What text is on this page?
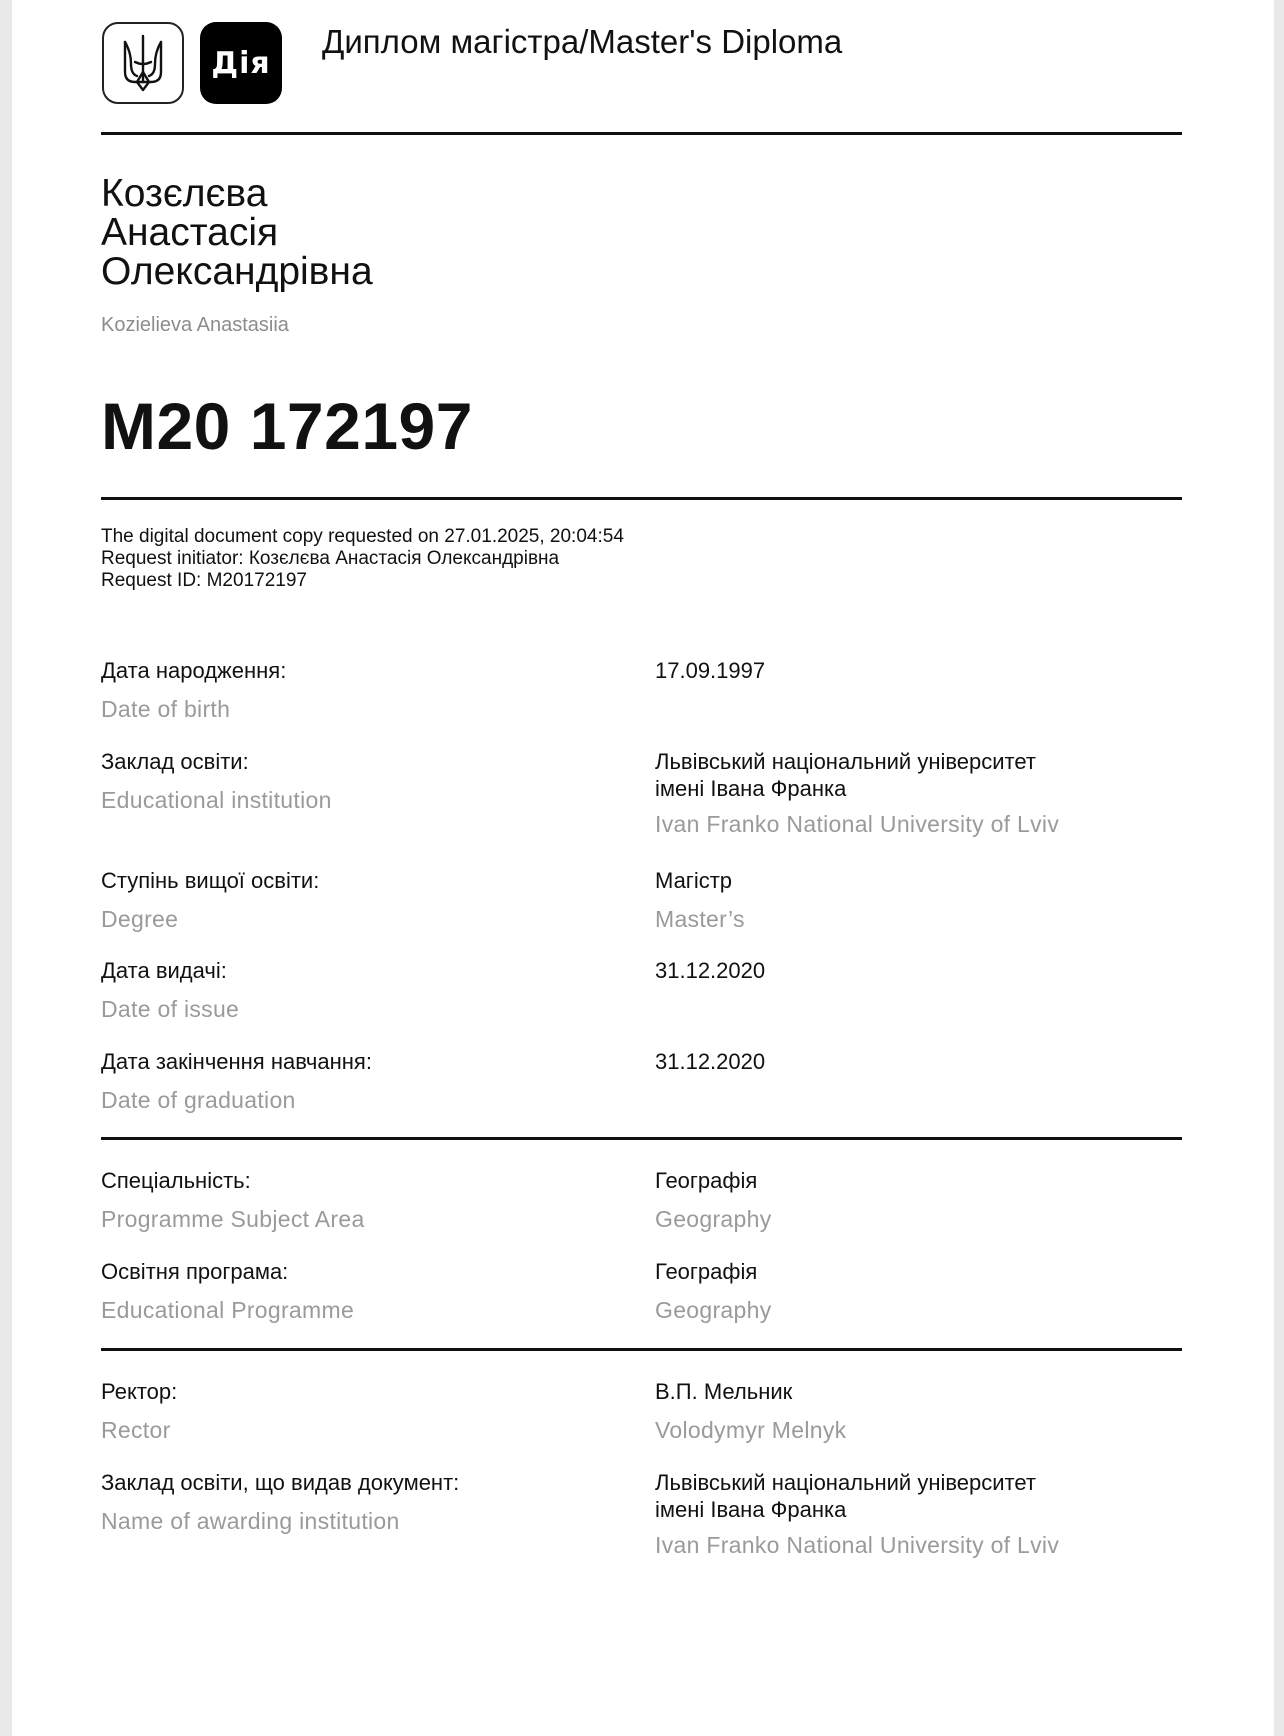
Дія
Диплом магістра/Master's Diploma
Козєлєва
Анастасія
Олександрівна
Kozielieva Anastasiia
М20 172197
The digital document copy requested on 27.01.2025, 20:04:54
Request initiator: Козєлєва Анастасія Олександрівна
Request ID: М20172197
Дата народження:
Date of birth
17.09.1997
Заклад освіти:
Educational institution
Львівський національний університет
імені Івана Франка
Ivan Franko National University of Lviv
Ступінь вищої освіти:
Degree
Магістр
Master’s
Дата видачі:
Date of issue
31.12.2020
Дата закінчення навчання:
Date of graduation
31.12.2020
Спеціальність:
Programme Subject Area
Географія
Geography
Освітня програма:
Educational Programme
Географія
Geography
Ректор:
Rector
В.П. Мельник
Volodymyr Melnyk
Заклад освіти, що видав документ:
Name of awarding institution
Львівський національний університет
імені Івана Франка
Ivan Franko National University of Lviv
